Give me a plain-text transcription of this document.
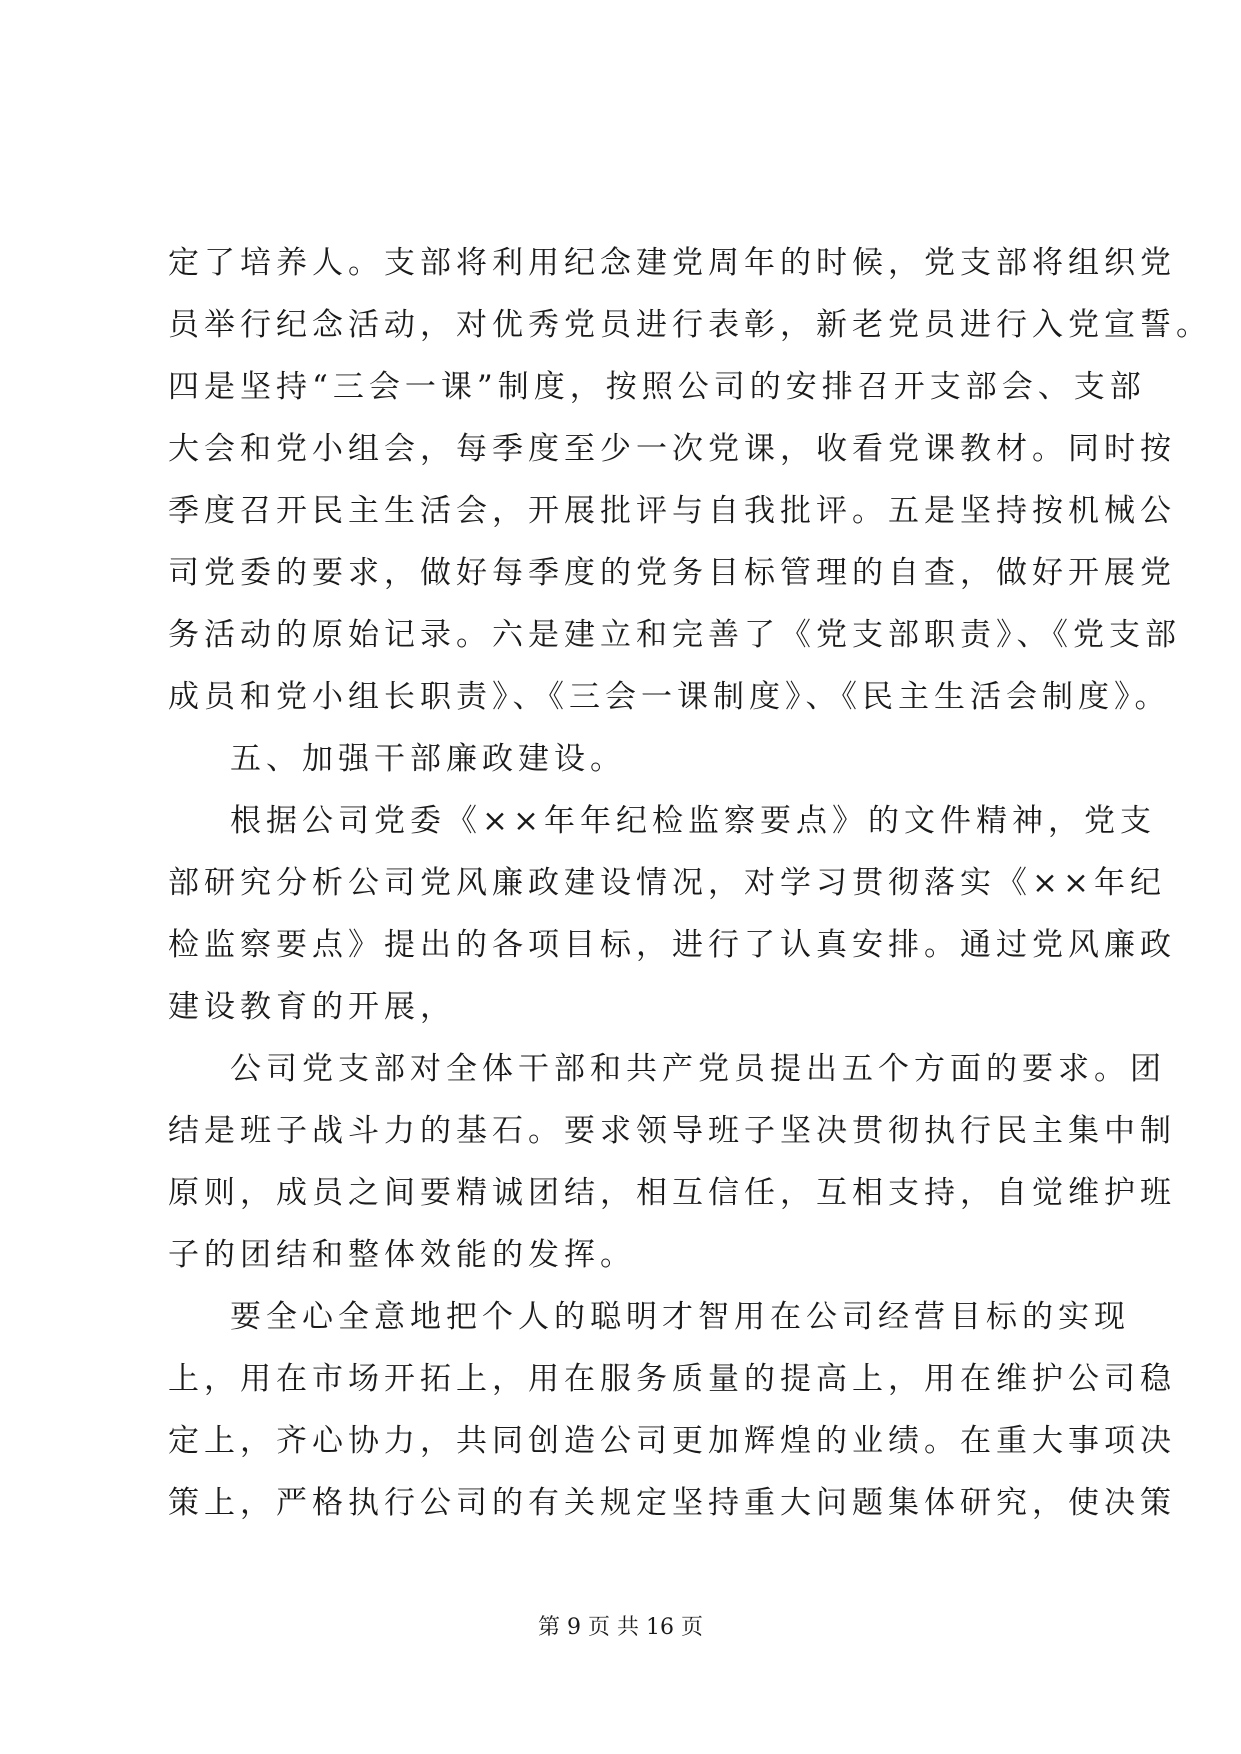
定了培养人。支部将利用纪念建党周年的时候，党支部将组织党
员举行纪念活动，对优秀党员进行表彰，新老党员进行入党宣誓。
四是坚持“三会一课”制度，按照公司的安排召开支部会、支部
大会和党小组会，每季度至少一次党课，收看党课教材。同时按
季度召开民主生活会，开展批评与自我批评。五是坚持按机械公
司党委的要求，做好每季度的党务目标管理的自查，做好开展党
务活动的原始记录。六是建立和完善了《党支部职责》、《党支部
成员和党小组长职责》、《三会一课制度》、《民主生活会制度》。
五、加强干部廉政建设。
根据公司党委《××年年纪检监察要点》的文件精神，党支
部研究分析公司党风廉政建设情况，对学习贯彻落实《××年纪
检监察要点》提出的各项目标，进行了认真安排。通过党风廉政
建设教育的开展，
公司党支部对全体干部和共产党员提出五个方面的要求。团
结是班子战斗力的基石。要求领导班子坚决贯彻执行民主集中制
原则，成员之间要精诚团结，相互信任，互相支持，自觉维护班
子的团结和整体效能的发挥。
要全心全意地把个人的聪明才智用在公司经营目标的实现
上，用在市场开拓上，用在服务质量的提高上，用在维护公司稳
定上，齐心协力，共同创造公司更加辉煌的业绩。在重大事项决
策上，严格执行公司的有关规定坚持重大问题集体研究，使决策
第 9 页 共 16 页
